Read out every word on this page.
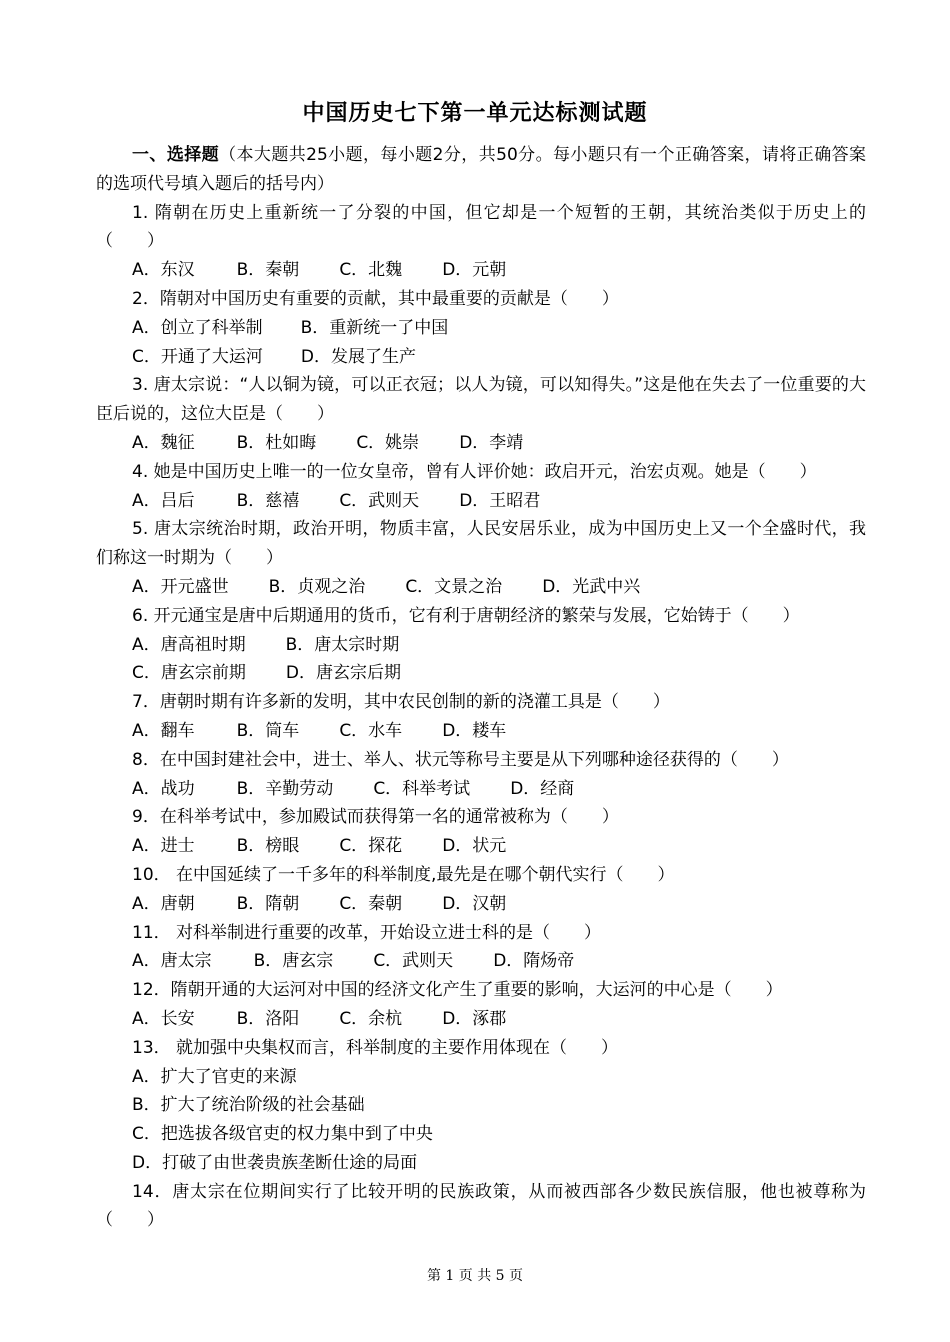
中国历史七下第一单元达标测试题

一、选择题（本大题共25小题，每小题2分，共50分。每小题只有一个正确答案，请将正确答案的选项代号填入题后的括号内）

1. 隋朝在历史上重新统一了分裂的中国，但它却是一个短暂的王朝，其统治类似于历史上的（　　）

A．东汉 B．秦朝 C．北魏 D．元朝

2．隋朝对中国历史有重要的贡献，其中最重要的贡献是（　　）

A．创立了科举制 B．重新统一了中国
C．开通了大运河 D．发展了生产

3. 唐太宗说：“人以铜为镜，可以正衣冠；以人为镜，可以知得失。”这是他在失去了一位重要的大臣后说的，这位大臣是（　　）

A．魏征 B．杜如晦 C．姚崇 D．李靖

4. 她是中国历史上唯一的一位女皇帝，曾有人评价她：政启开元，治宏贞观。她是（　　）

A．吕后 B．慈禧 C．武则天 D．王昭君

5. 唐太宗统治时期，政治开明，物质丰富，人民安居乐业，成为中国历史上又一个全盛时代，我们称这一时期为（　　）

A．开元盛世 B．贞观之治 C．文景之治 D．光武中兴

6. 开元通宝是唐中后期通用的货币，它有利于唐朝经济的繁荣与发展，它始铸于（　　）

A．唐高祖时期 B．唐太宗时期
C．唐玄宗前期 D．唐玄宗后期

7．唐朝时期有许多新的发明，其中农民创制的新的浇灌工具是（　　）

A．翻车 B．筒车 C．水车 D．耧车

8．在中国封建社会中，进士、举人、状元等称号主要是从下列哪种途径获得的（　　）

A．战功 B．辛勤劳动 C．科举考试 D．经商

9．在科举考试中，参加殿试而获得第一名的通常被称为（　　）

A．进士 B．榜眼 C．探花 D．状元

10． 在中国延续了一千多年的科举制度,最先是在哪个朝代实行（　　）

A．唐朝 B．隋朝 C．秦朝 D．汉朝

11． 对科举制进行重要的改革，开始设立进士科的是（　　）

A．唐太宗 B．唐玄宗 C．武则天 D．隋炀帝

12．隋朝开通的大运河对中国的经济文化产生了重要的影响，大运河的中心是（　　）

A．长安 B．洛阳 C．余杭 D．涿郡

13． 就加强中央集权而言，科举制度的主要作用体现在（　　）

A．扩大了官吏的来源
B．扩大了统治阶级的社会基础
C．把选拔各级官吏的权力集中到了中央
D．打破了由世袭贵族垄断仕途的局面

14．唐太宗在位期间实行了比较开明的民族政策，从而被西部各少数民族信服，他也被尊称为（　　）

第 1 页 共 5 页
